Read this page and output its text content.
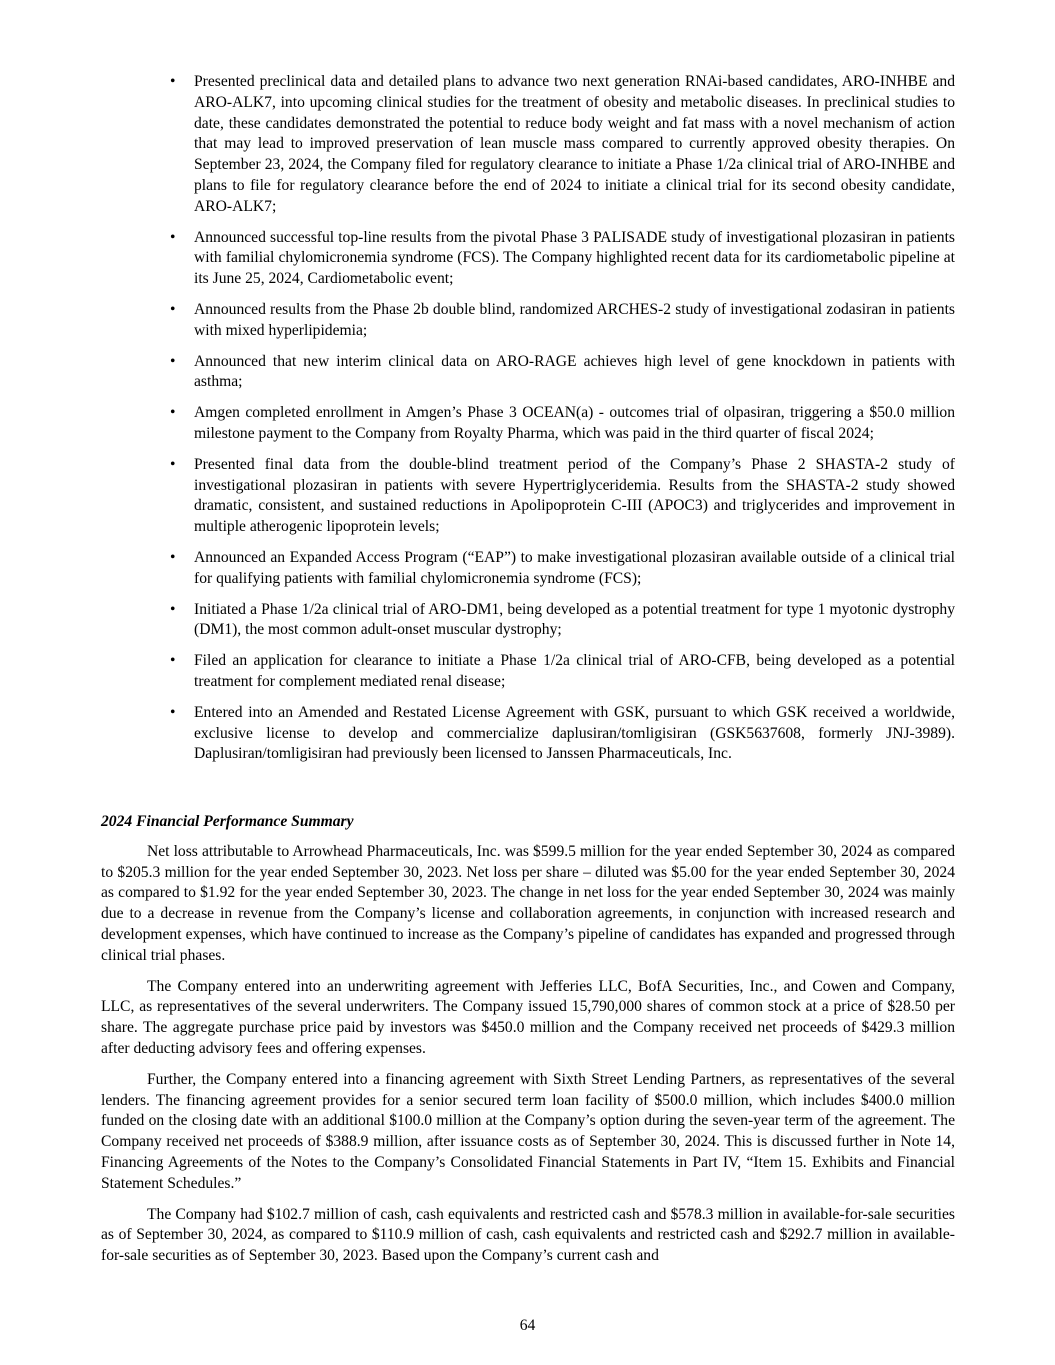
• Presented preclinical data and detailed plans to advance two next generation RNAi-based candidates, ARO-INHBE and ARO-ALK7, into upcoming clinical studies for the treatment of obesity and metabolic diseases. In preclinical studies to date, these candidates demonstrated the potential to reduce body weight and fat mass with a novel mechanism of action that may lead to improved preservation of lean muscle mass compared to currently approved obesity therapies. On September 23, 2024, the Company filed for regulatory clearance to initiate a Phase 1/2a clinical trial of ARO-INHBE and plans to file for regulatory clearance before the end of 2024 to initiate a clinical trial for its second obesity candidate, ARO-ALK7;
• Announced successful top-line results from the pivotal Phase 3 PALISADE study of investigational plozasiran in patients with familial chylomicronemia syndrome (FCS). The Company highlighted recent data for its cardiometabolic pipeline at its June 25, 2024, Cardiometabolic event;
• Announced results from the Phase 2b double blind, randomized ARCHES-2 study of investigational zodasiran in patients with mixed hyperlipidemia;
• Announced that new interim clinical data on ARO-RAGE achieves high level of gene knockdown in patients with asthma;
• Amgen completed enrollment in Amgen’s Phase 3 OCEAN(a) - outcomes trial of olpasiran, triggering a $50.0 million milestone payment to the Company from Royalty Pharma, which was paid in the third quarter of fiscal 2024;
• Presented final data from the double-blind treatment period of the Company’s Phase 2 SHASTA-2 study of investigational plozasiran in patients with severe Hypertriglyceridemia. Results from the SHASTA-2 study showed dramatic, consistent, and sustained reductions in Apolipoprotein C-III (APOC3) and triglycerides and improvement in multiple atherogenic lipoprotein levels;
• Announced an Expanded Access Program (“EAP”) to make investigational plozasiran available outside of a clinical trial for qualifying patients with familial chylomicronemia syndrome (FCS);
• Initiated a Phase 1/2a clinical trial of ARO-DM1, being developed as a potential treatment for type 1 myotonic dystrophy (DM1), the most common adult-onset muscular dystrophy;
• Filed an application for clearance to initiate a Phase 1/2a clinical trial of ARO-CFB, being developed as a potential treatment for complement mediated renal disease;
• Entered into an Amended and Restated License Agreement with GSK, pursuant to which GSK received a worldwide, exclusive license to develop and commercialize daplusiran/tomligisiran (GSK5637608, formerly JNJ-3989). Daplusiran/tomligisiran had previously been licensed to Janssen Pharmaceuticals, Inc.
2024 Financial Performance Summary

Net loss attributable to Arrowhead Pharmaceuticals, Inc. was $599.5 million for the year ended September 30, 2024 as compared to $205.3 million for the year ended September 30, 2023. Net loss per share – diluted was $5.00 for the year ended September 30, 2024 as compared to $1.92 for the year ended September 30, 2023. The change in net loss for the year ended September 30, 2024 was mainly due to a decrease in revenue from the Company’s license and collaboration agreements, in conjunction with increased research and development expenses, which have continued to increase as the Company’s pipeline of candidates has expanded and progressed through clinical trial phases.

The Company entered into an underwriting agreement with Jefferies LLC, BofA Securities, Inc., and Cowen and Company, LLC, as representatives of the several underwriters. The Company issued 15,790,000 shares of common stock at a price of $28.50 per share. The aggregate purchase price paid by investors was $450.0 million and the Company received net proceeds of $429.3 million after deducting advisory fees and offering expenses.

Further, the Company entered into a financing agreement with Sixth Street Lending Partners, as representatives of the several lenders. The financing agreement provides for a senior secured term loan facility of $500.0 million, which includes $400.0 million funded on the closing date with an additional $100.0 million at the Company’s option during the seven-year term of the agreement. The Company received net proceeds of $388.9 million, after issuance costs as of September 30, 2024. This is discussed further in Note 14, Financing Agreements of the Notes to the Company’s Consolidated Financial Statements in Part IV, “Item 15. Exhibits and Financial Statement Schedules.”

The Company had $102.7 million of cash, cash equivalents and restricted cash and $578.3 million in available-for-sale securities as of September 30, 2024, as compared to $110.9 million of cash, cash equivalents and restricted cash and $292.7 million in available-for-sale securities as of September 30, 2023. Based upon the Company’s current cash and

64
